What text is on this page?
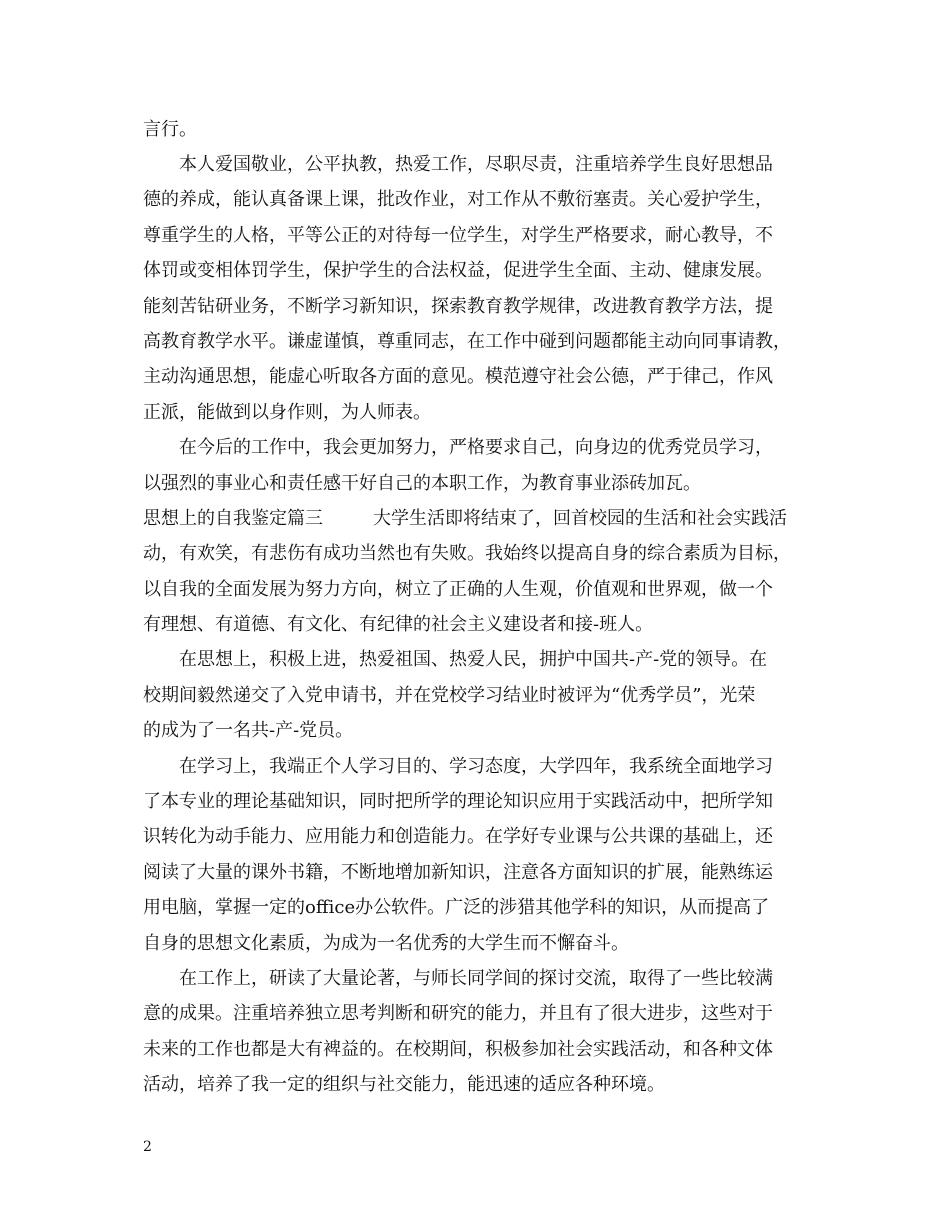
言行。
　　本人爱国敬业，公平执教，热爱工作，尽职尽责，注重培养学生良好思想品
德的养成，能认真备课上课，批改作业，对工作从不敷衍塞责。关心爱护学生，
尊重学生的人格，平等公正的对待每一位学生，对学生严格要求，耐心教导，不
体罚或变相体罚学生，保护学生的合法权益，促进学生全面、主动、健康发展。
能刻苦钻研业务，不断学习新知识，探索教育教学规律，改进教育教学方法，提
高教育教学水平。谦虚谨慎，尊重同志，在工作中碰到问题都能主动向同事请教，
主动沟通思想，能虚心听取各方面的意见。模范遵守社会公德，严于律己，作风
正派，能做到以身作则，为人师表。
　　在今后的工作中，我会更加努力，严格要求自己，向身边的优秀党员学习，
以强烈的事业心和责任感干好自己的本职工作，为教育事业添砖加瓦。
思想上的自我鉴定篇三	大学生活即将结束了，回首校园的生活和社会实践活
动，有欢笑，有悲伤有成功当然也有失败。我始终以提高自身的综合素质为目标，
以自我的全面发展为努力方向，树立了正确的人生观，价值观和世界观，做一个
有理想、有道德、有文化、有纪律的社会主义建设者和接-班人。
　　在思想上，积极上进，热爱祖国、热爱人民，拥护中国共-产-党的领导。在
校期间毅然递交了入党申请书，并在党校学习结业时被评为“优秀学员”，光荣
的成为了一名共-产-党员。
　　在学习上，我端正个人学习目的、学习态度，大学四年，我系统全面地学习
了本专业的理论基础知识，同时把所学的理论知识应用于实践活动中，把所学知
识转化为动手能力、应用能力和创造能力。在学好专业课与公共课的基础上，还
阅读了大量的课外书籍，不断地增加新知识，注意各方面知识的扩展，能熟练运
用电脑，掌握一定的office办公软件。广泛的涉猎其他学科的知识，从而提高了
自身的思想文化素质，为成为一名优秀的大学生而不懈奋斗。
　　在工作上，研读了大量论著，与师长同学间的探讨交流，取得了一些比较满
意的成果。注重培养独立思考判断和研究的能力，并且有了很大进步，这些对于
未来的工作也都是大有裨益的。在校期间，积极参加社会实践活动，和各种文体
活动，培养了我一定的组织与社交能力，能迅速的适应各种环境。
2
